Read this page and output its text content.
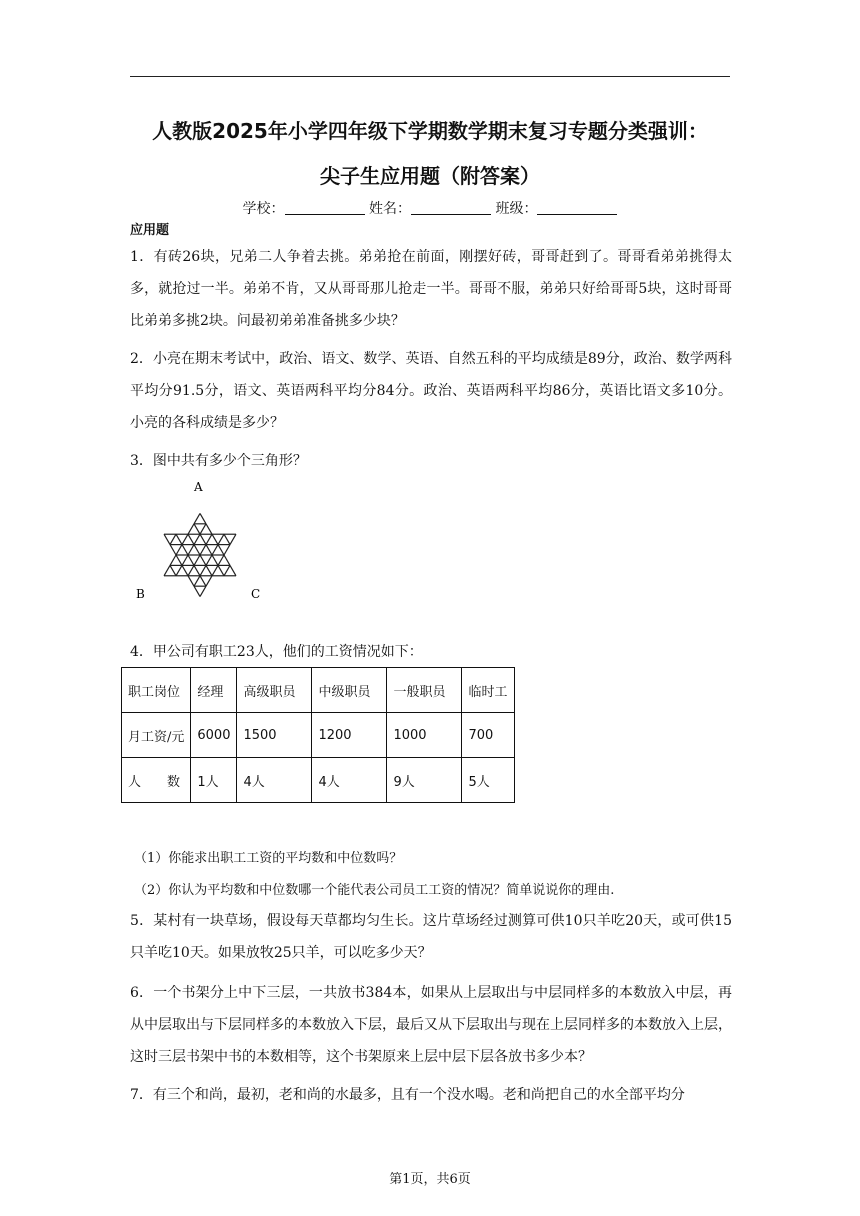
人教版2025年小学四年级下学期数学期末复习专题分类强训：
尖子生应用题（附答案）
学校：	姓名：	班级：
应用题
1．有砖26块，兄弟二人争着去挑。弟弟抢在前面，刚摆好砖，哥哥赶到了。哥哥看弟弟挑得太多，就抢过一半。弟弟不肯，又从哥哥那儿抢走一半。哥哥不服，弟弟只好给哥哥5块，这时哥哥比弟弟多挑2块。问最初弟弟准备挑多少块？
2．小亮在期末考试中，政治、语文、数学、英语、自然五科的平均成绩是89分，政治、数学两科平均分91.5分，语文、英语两科平均分84分。政治、英语两科平均86分，英语比语文多10分。小亮的各科成绩是多少？
3．图中共有多少个三角形？
A
B	C
4．甲公司有职工23人，他们的工资情况如下：
职工岗位	经理	高级职员	中级职员	一般职员	临时工
月工资/元	6000	1500	1200	1000	700
人　　数	1人	4人	4人	9人	5人
（1）你能求出职工工资的平均数和中位数吗？
（2）你认为平均数和中位数哪一个能代表公司员工工资的情况？简单说说你的理由.
5．某村有一块草场，假设每天草都均匀生长。这片草场经过测算可供10只羊吃20天，或可供15只羊吃10天。如果放牧25只羊，可以吃多少天？
6．一个书架分上中下三层，一共放书384本，如果从上层取出与中层同样多的本数放入中层，再从中层取出与下层同样多的本数放入下层，最后又从下层取出与现在上层同样多的本数放入上层，这时三层书架中书的本数相等，这个书架原来上层中层下层各放书多少本？
7．有三个和尚，最初，老和尚的水最多，且有一个没水喝。老和尚把自己的水全部平均分
第1页，共6页
